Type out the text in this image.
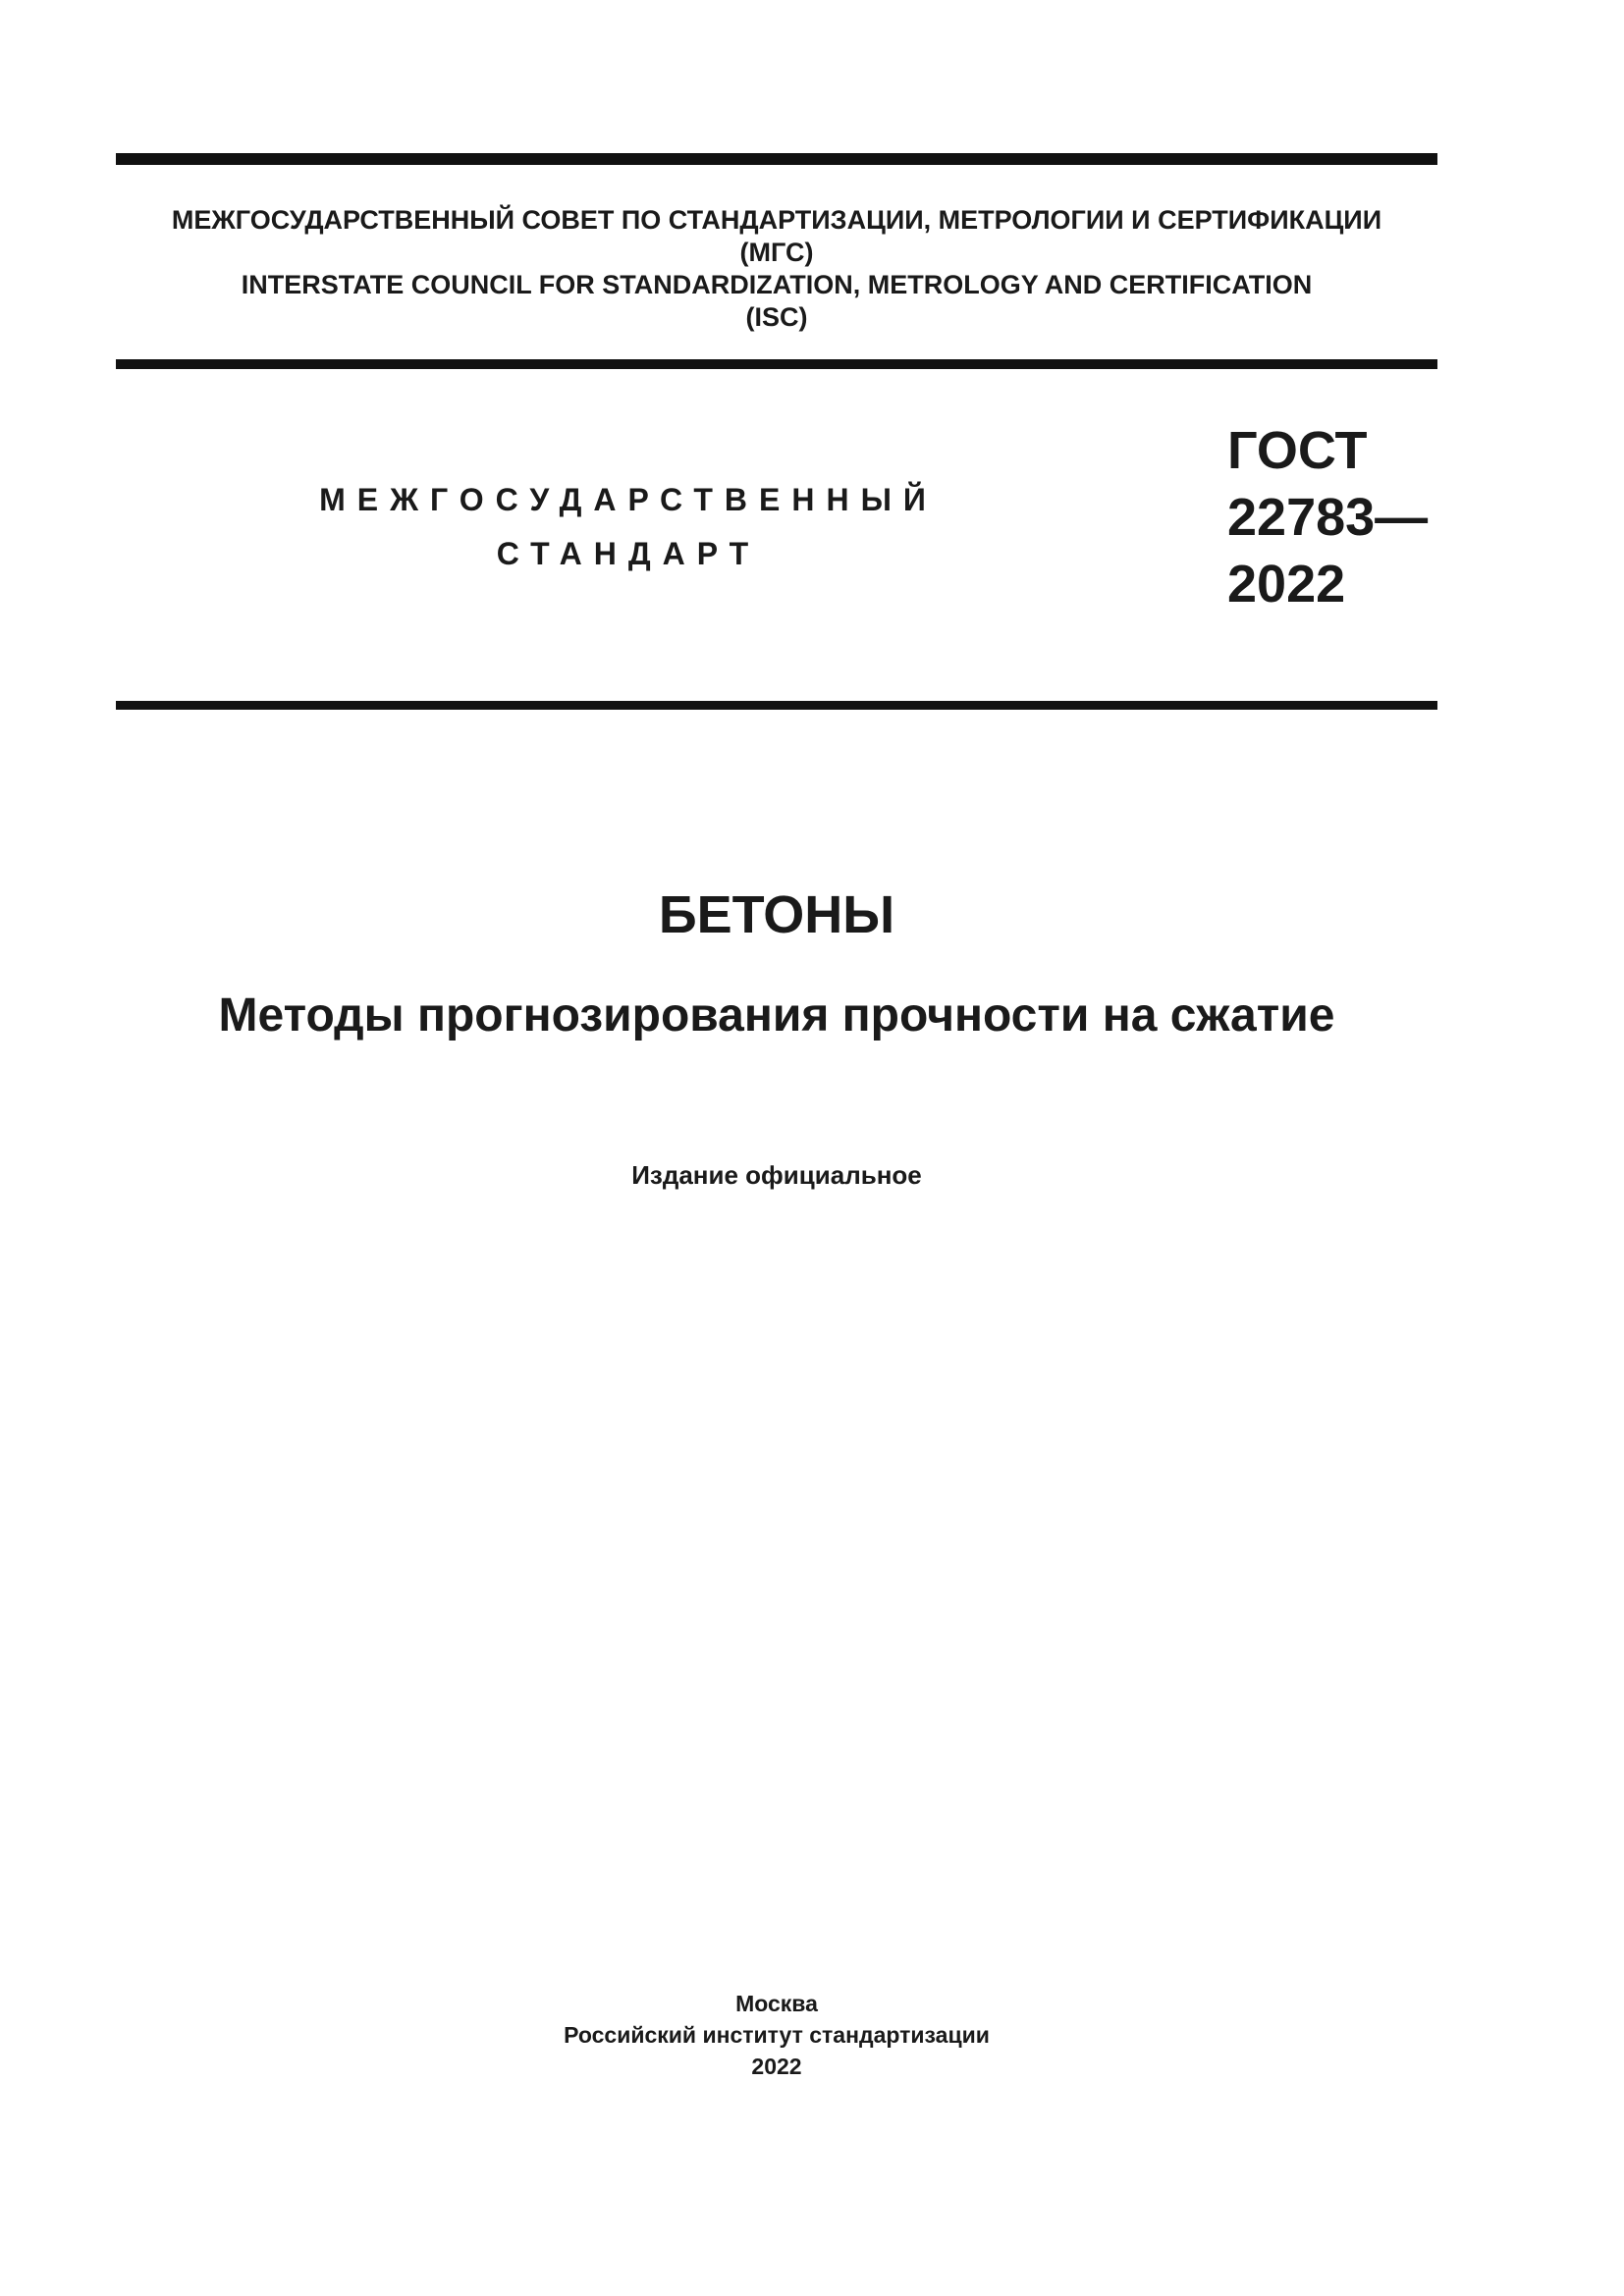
МЕЖГОСУДАРСТВЕННЫЙ СОВЕТ ПО СТАНДАРТИЗАЦИИ, МЕТРОЛОГИИ И СЕРТИФИКАЦИИ
(МГС)
INTERSTATE COUNCIL FOR STANDARDIZATION, METROLOGY AND CERTIFICATION
(ISC)
МЕЖГОСУДАРСТВЕННЫЙ
СТАНДАРТ
ГОСТ
22783—
2022
БЕТОНЫ
Методы прогнозирования прочности на сжатие
Издание официальное
Москва
Российский институт стандартизации
2022
